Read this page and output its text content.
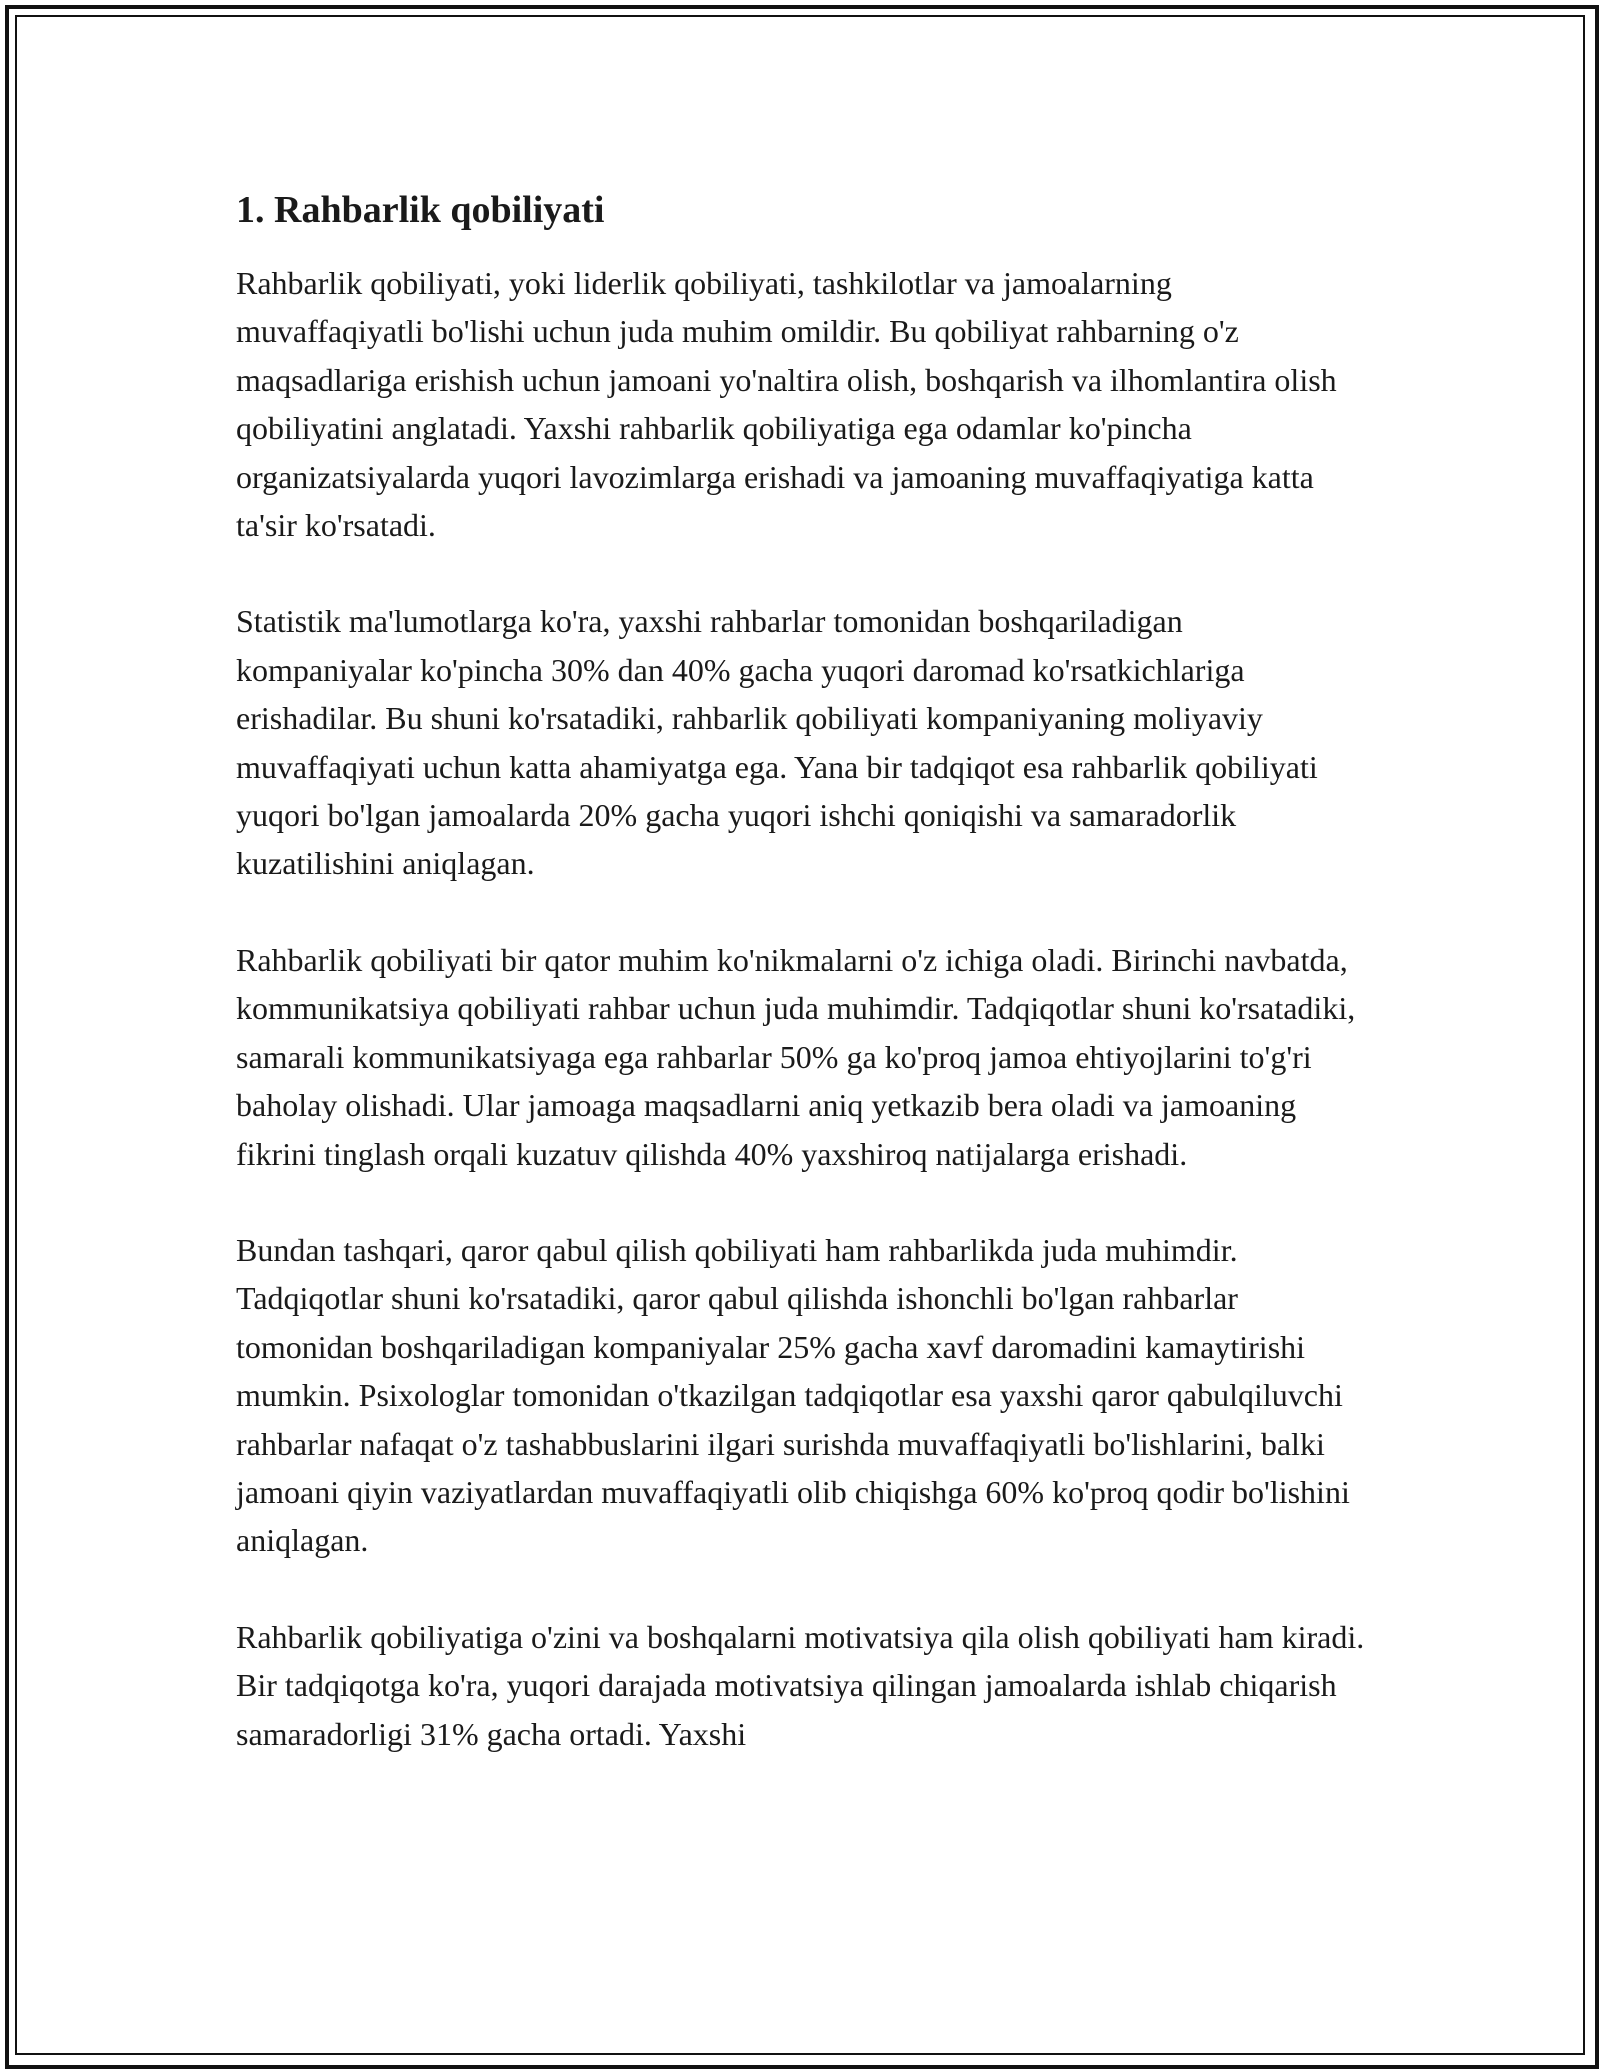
1. Rahbarlik qobiliyati

Rahbarlik qobiliyati, yoki liderlik qobiliyati, tashkilotlar va jamoalarning muvaffaqiyatli bo'lishi uchun juda muhim omildir. Bu qobiliyat rahbarning o'z maqsadlariga erishish uchun jamoani yo'naltira olish, boshqarish va ilhomlantira olish qobiliyatini anglatadi. Yaxshi rahbarlik qobiliyatiga ega odamlar ko'pincha organizatsiyalarda yuqori lavozimlarga erishadi va jamoaning muvaffaqiyatiga katta ta'sir ko'rsatadi.

Statistik ma'lumotlarga ko'ra, yaxshi rahbarlar tomonidan boshqariladigan kompaniyalar ko'pincha 30% dan 40% gacha yuqori daromad ko'rsatkichlariga erishadilar. Bu shuni ko'rsatadiki, rahbarlik qobiliyati kompaniyaning moliyaviy muvaffaqiyati uchun katta ahamiyatga ega. Yana bir tadqiqot esa rahbarlik qobiliyati yuqori bo'lgan jamoalarda 20% gacha yuqori ishchi qoniqishi va samaradorlik kuzatilishini aniqlagan.

Rahbarlik qobiliyati bir qator muhim ko'nikmalarni o'z ichiga oladi. Birinchi navbatda, kommunikatsiya qobiliyati rahbar uchun juda muhimdir. Tadqiqotlar shuni ko'rsatadiki, samarali kommunikatsiyaga ega rahbarlar 50% ga ko'proq jamoa ehtiyojlarini to'g'ri baholay olishadi. Ular jamoaga maqsadlarni aniq yetkazib bera oladi va jamoaning fikrini tinglash orqali kuzatuv qilishda 40% yaxshiroq natijalarga erishadi.

Bundan tashqari, qaror qabul qilish qobiliyati ham rahbarlikda juda muhimdir. Tadqiqotlar shuni ko'rsatadiki, qaror qabul qilishda ishonchli bo'lgan rahbarlar tomonidan boshqariladigan kompaniyalar 25% gacha xavf daromadini kamaytirishi mumkin. Psixologlar tomonidan o'tkazilgan tadqiqotlar esa yaxshi qaror qabulqiluvchi rahbarlar nafaqat o'z tashabbuslarini ilgari surishda muvaffaqiyatli bo'lishlarini, balki jamoani qiyin vaziyatlardan muvaffaqiyatli olib chiqishga 60% ko'proq qodir bo'lishini aniqlagan.

Rahbarlik qobiliyatiga o'zini va boshqalarni motivatsiya qila olish qobiliyati ham kiradi. Bir tadqiqotga ko'ra, yuqori darajada motivatsiya qilingan jamoalarda ishlab chiqarish samaradorligi 31% gacha ortadi. Yaxshi
